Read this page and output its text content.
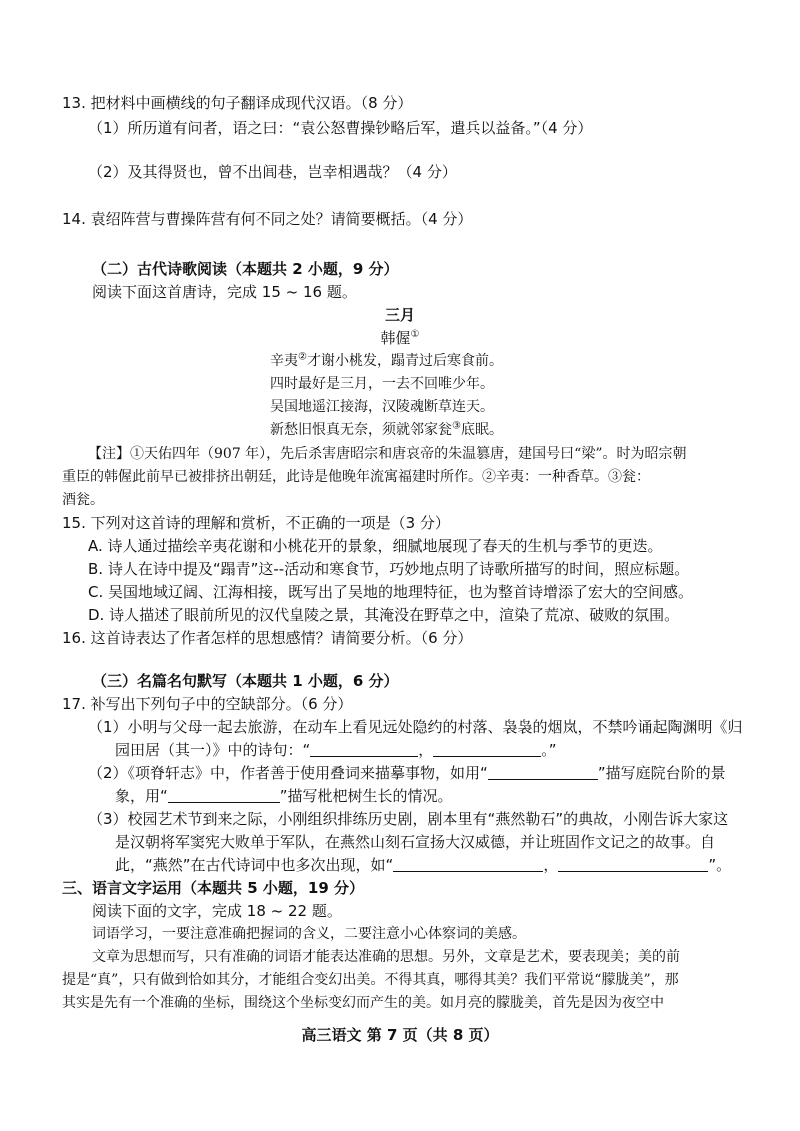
13. 把材料中画横线的句子翻译成现代汉语。（8 分）
（1）所历道有问者，语之曰：“袁公怒曹操钞略后军，遣兵以益备。”（4 分）
（2）及其得贤也，曾不出闾巷，岂幸相遇哉？（4 分）
14. 袁绍阵营与曹操阵营有何不同之处？请简要概括。（4 分）
（二）古代诗歌阅读（本题共 2 小题，9 分）
阅读下面这首唐诗，完成 15 ~ 16 题。
三月
韩偓①
辛夷②才谢小桃发，蹋青过后寒食前。
四时最好是三月，一去不回唯少年。
吴国地遥江接海，汉陵魂断草连天。
新愁旧恨真无奈，须就邻家瓮③底眠。
【注】①天佑四年（907 年），先后杀害唐昭宗和唐哀帝的朱温篡唐，建国号曰“梁”。时为昭宗朝
重臣的韩偓此前早已被排挤出朝廷，此诗是他晚年流寓福建时所作。②辛夷：一种香草。③瓮：
酒瓮。
15. 下列对这首诗的理解和赏析，不正确的一项是（3 分）
A. 诗人通过描绘辛夷花谢和小桃花开的景象，细腻地展现了春天的生机与季节的更迭。
B. 诗人在诗中提及“蹋青”这--活动和寒食节，巧妙地点明了诗歌所描写的时间，照应标题。
C. 吴国地域辽阔、江海相接，既写出了吴地的地理特征，也为整首诗增添了宏大的空间感。
D. 诗人描述了眼前所见的汉代皇陵之景，其淹没在野草之中，渲染了荒凉、破败的氛围。
16. 这首诗表达了作者怎样的思想感情？请简要分析。（6 分）
（三）名篇名句默写（本题共 1 小题，6 分）
17. 补写出下列句子中的空缺部分。（6 分）
（1）小明与父母一起去旅游，在动车上看见远处隐约的村落、袅袅的烟岚，不禁吟诵起陶渊明《归
园田居（其一）》中的诗句：“	，	。”
（2）《项脊轩志》中，作者善于使用叠词来描摹事物，如用“	”描写庭院台阶的景
象，用“	”描写枇杷树生长的情况。
（3）校园艺术节到来之际，小刚组织排练历史剧，剧本里有“燕然勒石”的典故，小刚告诉大家这
是汉朝将军窦宪大败单于军队，在燕然山刻石宣扬大汉威德，并让班固作文记之的故事。自
此，“燕然”在古代诗词中也多次出现，如“	，	”。
三、语言文字运用（本题共 5 小题，19 分）
阅读下面的文字，完成 18 ~ 22 题。
词语学习，一要注意准确把握词的含义，二要注意小心体察词的美感。
文章为思想而写，只有准确的词语才能表达准确的思想。另外，文章是艺术，要表现美；美的前
提是“真”，只有做到恰如其分，才能组合变幻出美。不得其真，哪得其美？我们平常说“朦胧美”，那
其实是先有一个准确的坐标，围绕这个坐标变幻而产生的美。如月亮的朦胧美，首先是因为夜空中
高三语文 第 7 页（共 8 页）
